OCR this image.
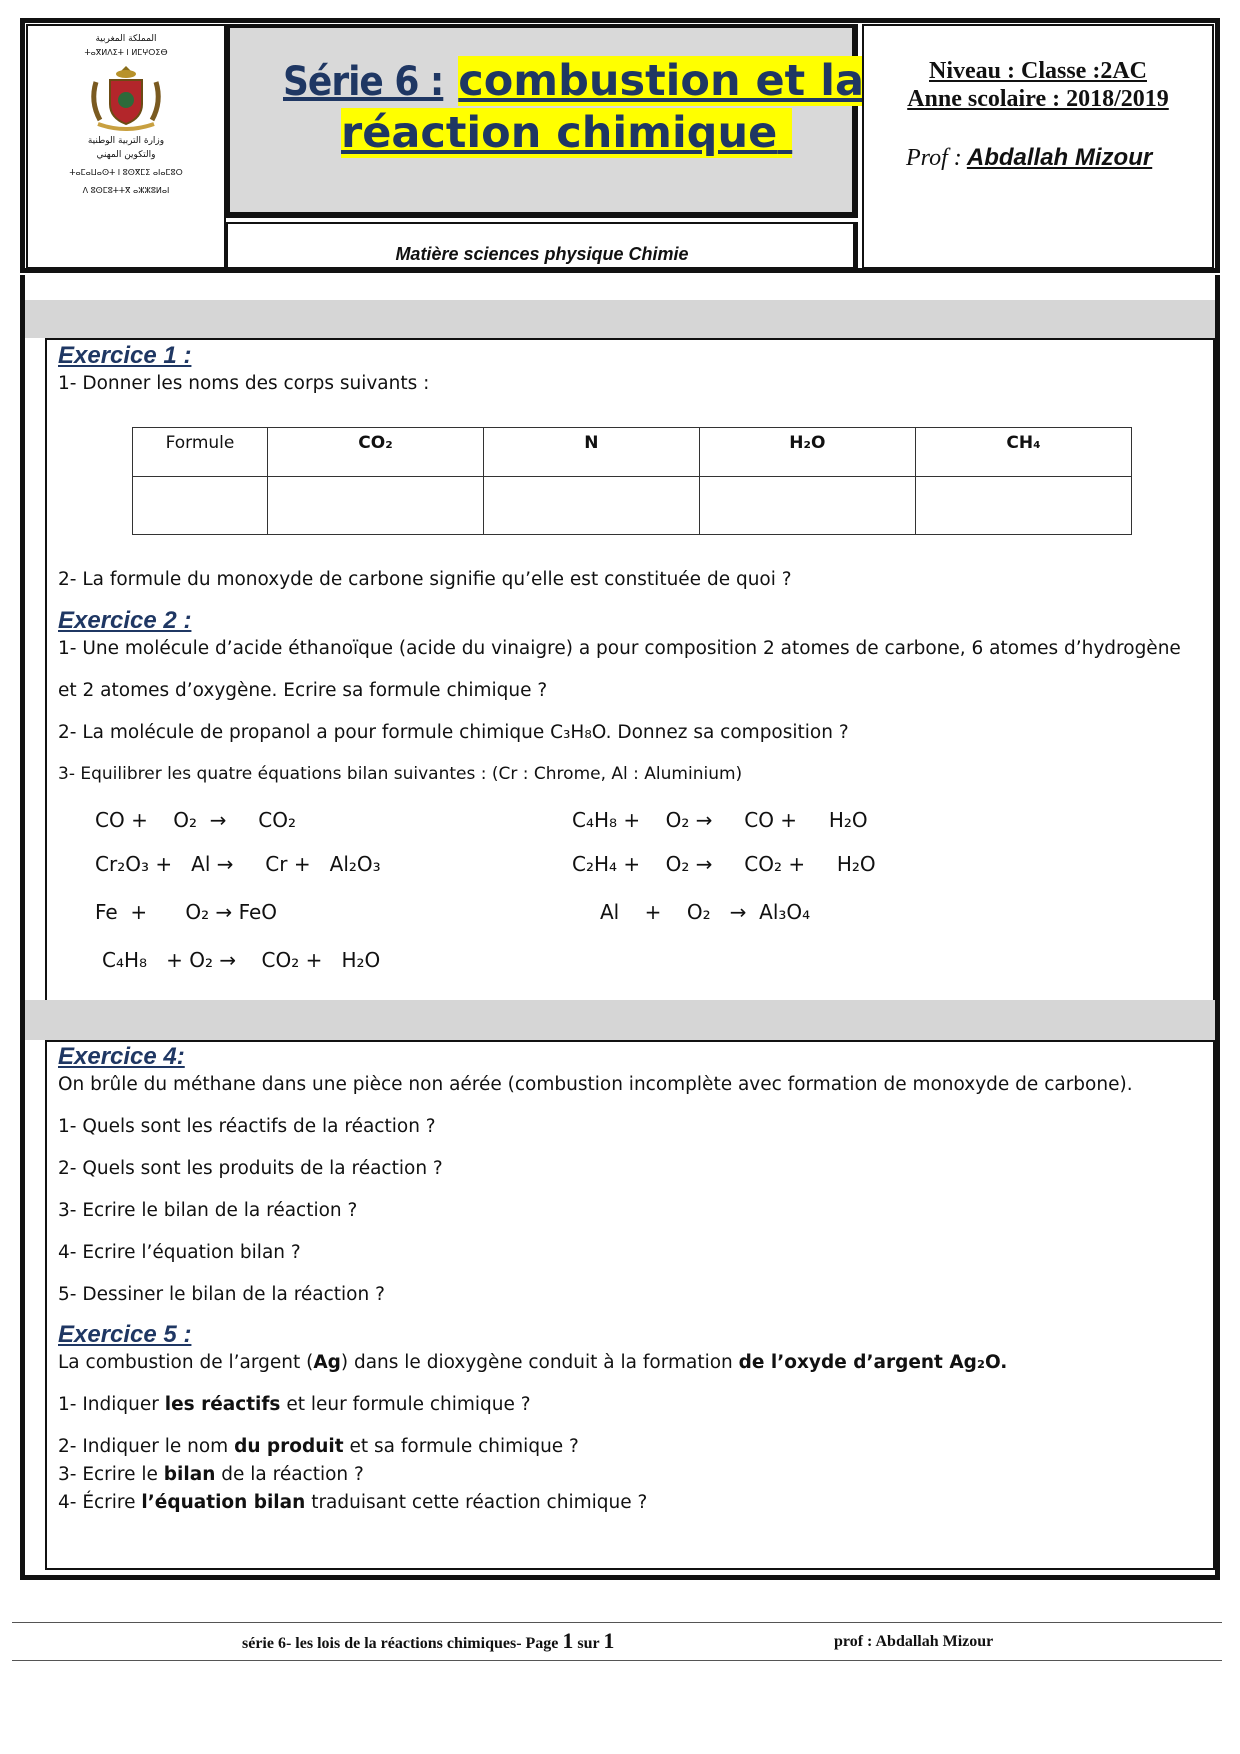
المملكة المغربية
ⵜⴰⴳⵍⴷⵉⵜ ⵏ ⵍⵎⵖⵔⵉⴱ
وزارة التربية الوطنية
والتكوين المهني
ⵜⴰⵎⴰⵡⴰⵙⵜ ⵏ ⵓⵙⴳⵎⵉ ⴰⵏⴰⵎⵓⵔ
ⴷ ⵓⵙⵎⵓⵜⵜⴳ ⴰⵣⵣⵓⵍⴰⵏ
Série 6 : combustion et la
réaction chimique
Matière sciences physique Chimie
Niveau : Classe :2AC
Anne scolaire : 2018/2019
Prof : Abdallah Mizour
Exercice 1 :
1- Donner les noms des corps suivants :
Formule	CO₂	N	H₂O	CH₄

2- La formule du monoxyde de carbone signifie qu’elle est constituée de quoi ?
Exercice 2 :
1- Une molécule d’acide éthanoïque (acide du vinaigre) a pour composition 2 atomes de carbone, 6 atomes d’hydrogène
et 2 atomes d’oxygène. Ecrire sa formule chimique ?
2- La molécule de propanol a pour formule chimique C₃H₈O. Donnez sa composition ?
3- Equilibrer les quatre équations bilan suivantes : (Cr : Chrome, Al : Aluminium)
CO +    O₂  →     CO₂	C₄H₈ +    O₂ →     CO +     H₂O
Cr₂O₃ +   Al →     Cr +   Al₂O₃	C₂H₄ +    O₂ →     CO₂ +     H₂O
Fe  +      O₂ → FeO	Al    +    O₂   →  Al₃O₄
C₄H₈   + O₂ →    CO₂ +   H₂O
Exercice 4:
On brûle du méthane dans une pièce non aérée (combustion incomplète avec formation de monoxyde de carbone).
1- Quels sont les réactifs de la réaction ?
2- Quels sont les produits de la réaction ?
3- Ecrire le bilan de la réaction ?
4- Ecrire l’équation bilan ?
5- Dessiner le bilan de la réaction ?
Exercice 5 :
La combustion de l’argent (Ag) dans le dioxygène conduit à la formation de l’oxyde d’argent Ag₂O.
1- Indiquer les réactifs et leur formule chimique ?
2- Indiquer le nom du produit et sa formule chimique ?
3- Ecrire le bilan de la réaction ?
4- Écrire l’équation bilan traduisant cette réaction chimique ?
série 6- les lois de la réactions chimiques- Page 1 sur 1	prof : Abdallah Mizour
